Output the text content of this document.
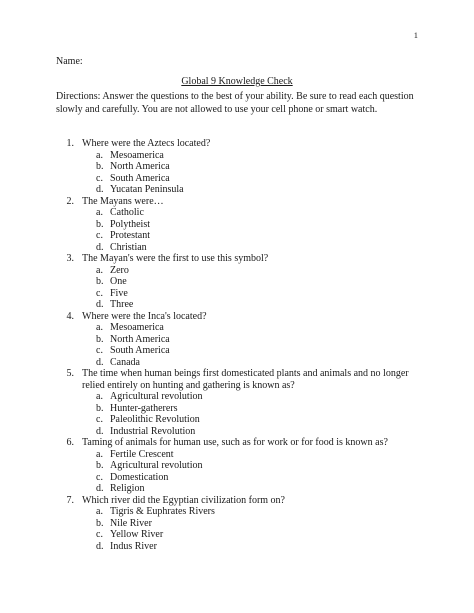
1
Name:
Global 9 Knowledge Check
Directions: Answer the questions to the best of your ability. Be sure to read each question slowly and carefully. You are not allowed to use your cell phone or smart watch.
1. Where were the Aztecs located?
a. Mesoamerica
b. North America
c. South America
d. Yucatan Peninsula
2. The Mayans were…
a. Catholic
b. Polytheist
c. Protestant
d. Christian
3. The Mayan's were the first to use this symbol?
a. Zero
b. One
c. Five
d. Three
4. Where were the Inca's located?
a. Mesoamerica
b. North America
c. South America
d. Canada
5. The time when human beings first domesticated plants and animals and no longer relied entirely on hunting and gathering is known as?
a. Agricultural revolution
b. Hunter-gatherers
c. Paleolithic Revolution
d. Industrial Revolution
6. Taming of animals for human use, such as for work or for food is known as?
a. Fertile Crescent
b. Agricultural revolution
c. Domestication
d. Religion
7. Which river did the Egyptian civilization form on?
a. Tigris & Euphrates Rivers
b. Nile River
c. Yellow River
d. Indus River
